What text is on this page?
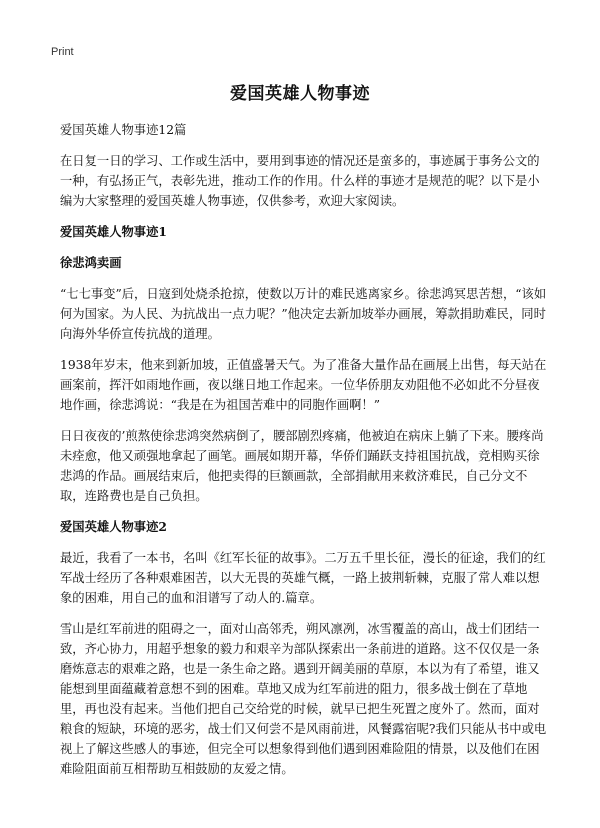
Print
爱国英雄人物事迹

爱国英雄人物事迹12篇

在日复一日的学习、工作或生活中，要用到事迹的情况还是蛮多的，事迹属于事务公文的一种，有弘扬正气，表彰先进，推动工作的作用。什么样的事迹才是规范的呢？以下是小编为大家整理的爱国英雄人物事迹，仅供参考，欢迎大家阅读。

爱国英雄人物事迹1

徐悲鸿卖画

“七七事变”后，日寇到处烧杀抢掠，使数以万计的难民逃离家乡。徐悲鸿冥思苦想，“该如何为国家。为人民、为抗战出一点力呢？”他决定去新加坡举办画展，筹款捐助难民，同时向海外华侨宣传抗战的道理。

1938年岁末，他来到新加坡，正值盛暑天气。为了准备大量作品在画展上出售，每天站在画案前，挥汗如雨地作画，夜以继日地工作起来。一位华侨朋友劝阻他不必如此不分昼夜地作画，徐悲鸿说：“我是在为祖国苦难中的同胞作画啊！”

日日夜夜的’煎熬使徐悲鸿突然病倒了，腰部剧烈疼痛，他被迫在病床上躺了下来。腰疼尚未痊愈，他又顽强地拿起了画笔。画展如期开幕，华侨们踊跃支持祖国抗战，竞相购买徐悲鸿的作品。画展结束后，他把卖得的巨额画款，全部捐献用来救济难民，自己分文不取，连路费也是自己负担。

爱国英雄人物事迹2

最近，我看了一本书，名叫《红军长征的故事》。二万五千里长征，漫长的征途，我们的红军战士经历了各种艰难困苦，以大无畏的英雄气概，一路上披荆斩棘，克服了常人难以想象的困难，用自己的血和泪谱写了动人的.篇章。

雪山是红军前进的阻碍之一，面对山高邻秃，朔风凛冽，冰雪覆盖的高山，战士们团结一致，齐心协力，用超乎想象的毅力和艰辛为部队探索出一条前进的道路。这不仅仅是一条磨炼意志的艰难之路，也是一条生命之路。遇到开阔美丽的草原，本以为有了希望，谁又能想到里面蕴藏着意想不到的困难。草地又成为红军前进的阻力，很多战士倒在了草地里，再也没有起来。当他们把自己交给党的时候，就早已把生死置之度外了。然而，面对粮食的短缺，环境的恶劣，战士们又何尝不是风雨前进，风餐露宿呢?我们只能从书中或电视上了解这些感人的事迹，但完全可以想象得到他们遇到困难险阻的情景，以及他们在困难险阻面前互相帮助互相鼓励的友爱之情。
